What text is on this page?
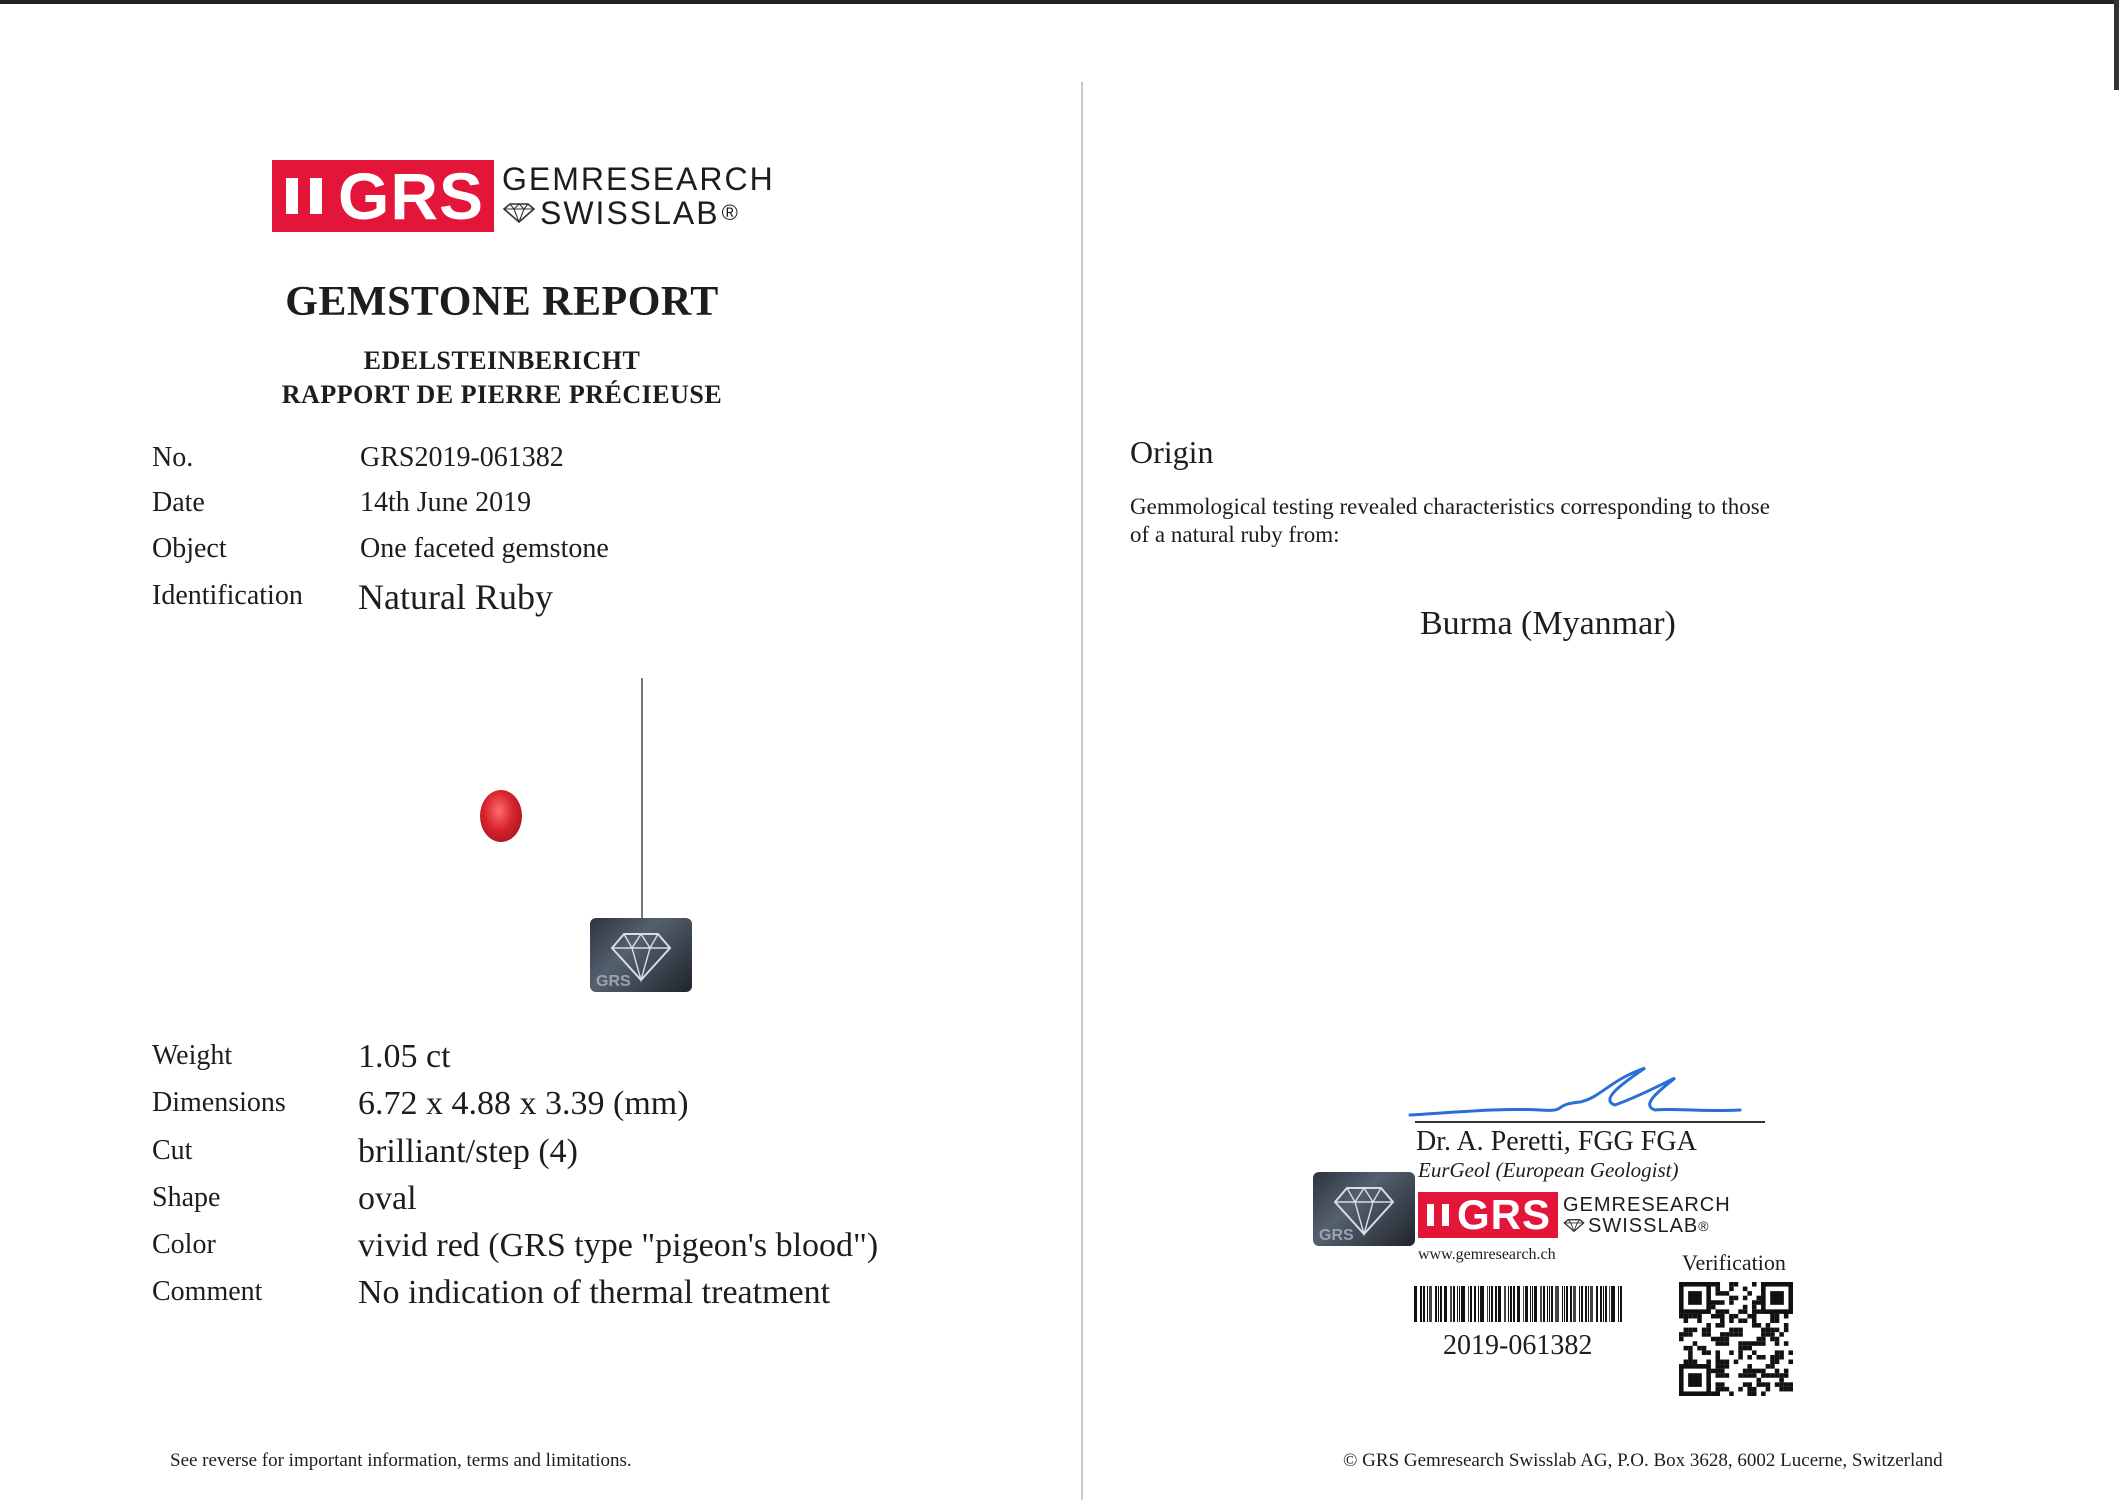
GRS GEMRESEARCH
SWISSLAB ®
GEMSTONE REPORT
EDELSTEINBERICHT
RAPPORT DE PIERRE PRÉCIEUSE
No.	GRS2019-061382
Date	14th June 2019
Object	One faceted gemstone
Identification Natural Ruby
GRS
Weight	1.05 ct
Dimensions 6.72 x 4.88 x 3.39 (mm)
Cut	brilliant/step (4)
Shape	oval
Color	vivid red (GRS type "pigeon's blood")
Comment	No indication of thermal treatment
See reverse for important information, terms and limitations.
Origin
Gemmological testing revealed characteristics corresponding to those
of a natural ruby from:
Burma (Myanmar)
Dr. A. Peretti, FGG FGA
EurGeol (European Geologist)
GRS GRS GEMRESEARCH
SWISSLAB ®
www.gemresearch.ch	Verification
2019-061382
© GRS Gemresearch Swisslab AG, P.O. Box 3628, 6002 Lucerne, Switzerland
